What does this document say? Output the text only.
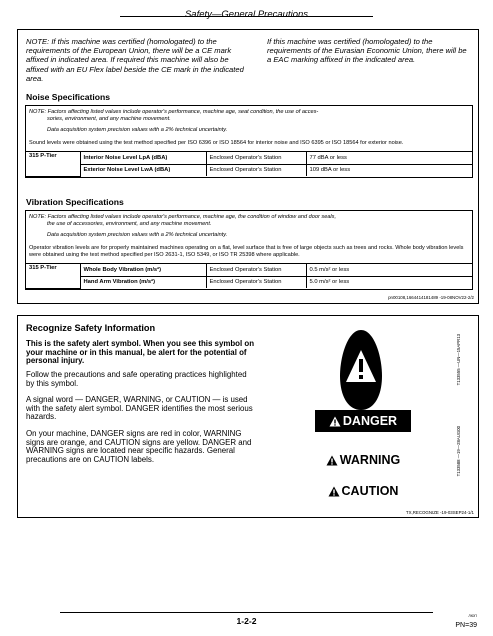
$_{Safety—General Precautions}$
NOTE: If this machine was certified (homologated) to the requirements of the European Union, there will be a CE mark affixed in indicated area. If required this machine will also be affixed with an EU Flex label beside the CE mark in the indicated area.
If this machine was certified (homologated) to the requirements of the Eurasian Economic Union, there will be a EAC marking affixed in the indicated area.
Noise Specifications
NOTE: Factors affecting listed values include operator's performance, machine age, seat condition, the use of acces-
sories, environment, and any machine movement.
Data acquisition system precision values with a 2% technical uncertainty.
Sound levels were obtained using the test method specified per ISO 6396 or ISO 18564 for interior noise and ISO 6395 or ISO 18564 for exterior noise.
315 P-Tier	Interior Noise Level LpA (dBA)	Enclosed Operator's Station	77 dBA or less
	Exterior Noise Level LwA (dBA)	Enclosed Operator's Station	109 dBA or less
Vibration Specifications
NOTE: Factors affecting listed values include operator's performance, machine age, the condition of window and door seals,
the use of accessories, environment, and any machine movement.
Data acquisition system precision values with a 2% technical uncertainty.
Operator vibration levels are for properly maintained machines operating on a flat, level surface that is free of large objects such as trees and rocks. Whole body vibration levels were obtained using the test method specified per ISO 2631-1, ISO 5349, or ISO TR 25398 where applicable.
315 P-Tier	Whole Body Vibration (m/s²)	Enclosed Operator's Station	0.5 m/s² or less
	Hand Arm Vibration (m/s²)	Enclosed Operator's Station	5.0 m/s² or less
pn00108,1664414181489 -19-08NOV22-2/2
Recognize Safety Information
This is the safety alert symbol. When you see this symbol on your machine or in this manual, be alert for the potential of personal injury.
Follow the precautions and safe operating practices highlighted by this symbol.
A signal word — DANGER, WARNING, or CAUTION — is used with the safety alert symbol. DANGER identifies the most serious hazards.
On your machine, DANGER signs are red in color, WARNING signs are orange, and CAUTION signs are yellow. DANGER and WARNING signs are located near specific hazards. General precautions are on CAUTION labels.
T133555 —UN—15APR13
T133588 —19—28AUG00
DANGER
WARNING
CAUTION
TX,RECOGNIZE -19-03SEP24-1/1
1-2-2	ЛЮП
PN=39
